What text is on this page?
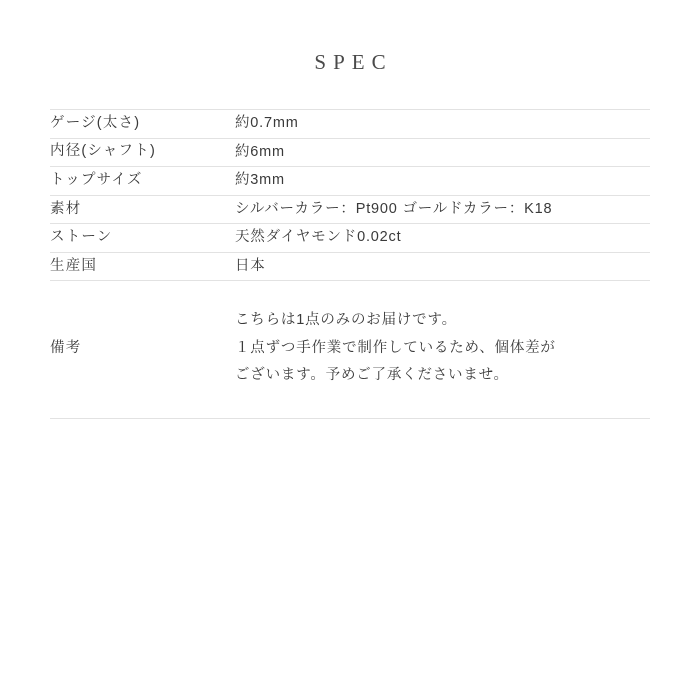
SPEC
ゲージ(太さ)	約0.7mm

内径(シャフト)	約6mm

トップサイズ	約3mm

素材	シルバーカラー：Pt900 ゴールドカラー：K18

ストーン	天然ダイヤモンド0.02ct

生産国	日本

備考	こちらは1点のみのお届けです。
１点ずつ手作業で制作しているため、個体差が
ございます。予めご了承くださいませ。
